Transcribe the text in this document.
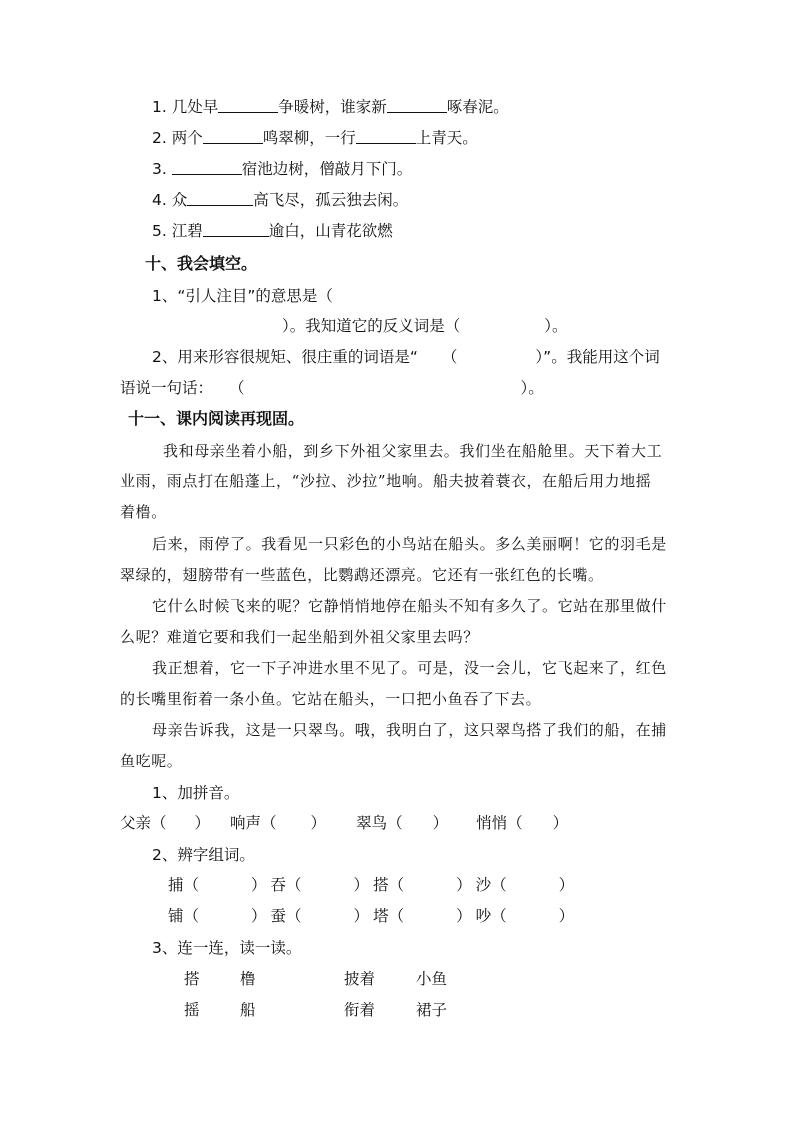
1. 几处早	争暖树，谁家新	啄春泥。
2. 两个	鸣翠柳，一行	上青天。
3.	宿池边树，僧敲月下门。
4. 众	高飞尽，孤云独去闲。
5. 江碧	逾白，山青花欲燃
十、我会填空。
1、“引人注目”的意思是（
）。我知道它的反义词是（	）。
2、用来形容很规矩、很庄重的词语是“ （	）”。我能用这个词
语说一句话： （	）。
十一、课内阅读再现固。
我和母亲坐着小船，到乡下外祖父家里去。我们坐在船舱里。天下着大工
业雨，雨点打在船蓬上，“沙拉、沙拉”地响。船夫披着蓑衣，在船后用力地摇
着橹。
后来，雨停了。我看见一只彩色的小鸟站在船头。多么美丽啊！它的羽毛是
翠绿的，翅膀带有一些蓝色，比鹦鹉还漂亮。它还有一张红色的长嘴。
它什么时候飞来的呢？它静悄悄地停在船头不知有多久了。它站在那里做什
么呢？难道它要和我们一起坐船到外祖父家里去吗？
我正想着，它一下子冲进水里不见了。可是，没一会儿，它飞起来了，红色
的长嘴里衔着一条小鱼。它站在船头，一口把小鱼吞了下去。
母亲告诉我，这是一只翠鸟。哦，我明白了，这只翠鸟搭了我们的船，在捕
鱼吃呢。
1、加拼音。
父亲（ ） 响声（ ） 翠鸟（ ） 悄悄（ ）
2、辨字组词。
捕（	） 吞（	） 搭（	） 沙（	）
铺（	） 蚕（	） 塔（	） 吵（	）
3、连一连，读一读。
搭	橹	披着	小鱼
摇	船	衔着	裙子
